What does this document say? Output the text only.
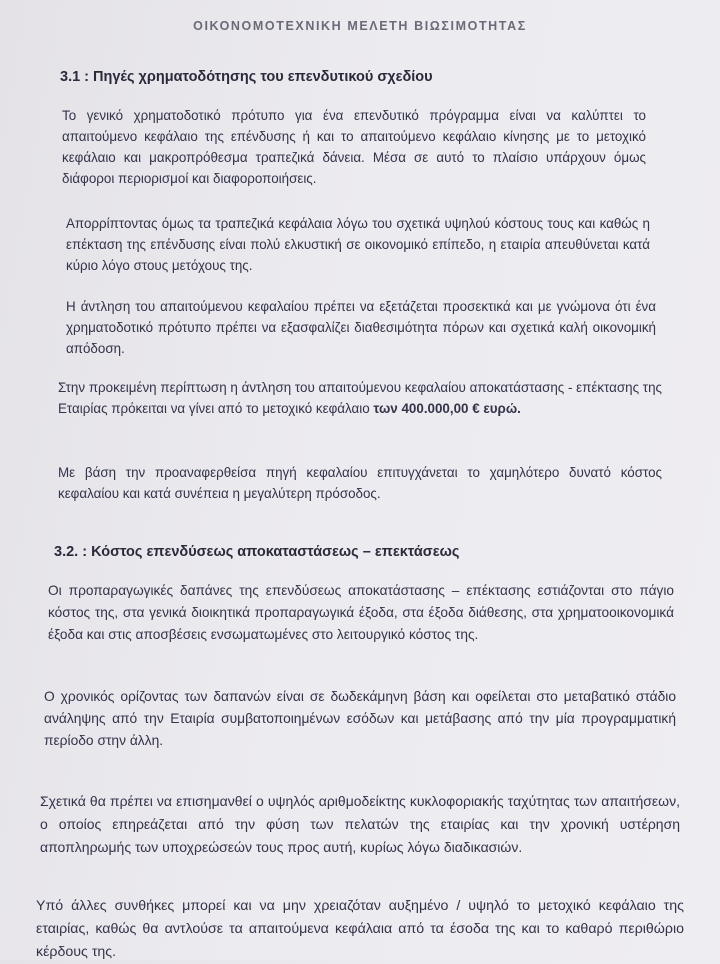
ΟΙΚΟΝΟΜΟΤΕΧΝΙΚΗ ΜΕΛΕΤΗ ΒΙΩΣΙΜΟΤΗΤΑΣ
3.1 : Πηγές χρηματοδότησης του επενδυτικού σχεδίου
Το γενικό χρηματοδοτικό πρότυπο για ένα επενδυτικό πρόγραμμα είναι να καλύπτει το απαιτούμενο κεφάλαιο της επένδυσης ή και το απαιτούμενο κεφάλαιο κίνησης με το μετοχικό κεφάλαιο και μακροπρόθεσμα τραπεζικά δάνεια. Μέσα σε αυτό το πλαίσιο υπάρχουν όμως διάφοροι περιορισμοί και διαφοροποιήσεις.
Απορρίπτοντας όμως τα τραπεζικά κεφάλαια λόγω του σχετικά υψηλού κόστους τους και καθώς η επέκταση της επένδυσης είναι πολύ ελκυστική σε οικονομικό επίπεδο, η εταιρία απευθύνεται κατά κύριο λόγο στους μετόχους της.
Η άντληση του απαιτούμενου κεφαλαίου πρέπει να εξετάζεται προσεκτικά και με γνώμονα ότι ένα χρηματοδοτικό πρότυπο πρέπει να εξασφαλίζει διαθεσιμότητα πόρων και σχετικά καλή οικονομική απόδοση.
Στην προκειμένη περίπτωση η άντληση του απαιτούμενου κεφαλαίου αποκατάστασης - επέκτασης της Εταιρίας πρόκειται να γίνει από το μετοχικό κεφάλαιο των 400.000,00 € ευρώ.
Με βάση την προαναφερθείσα πηγή κεφαλαίου επιτυγχάνεται το χαμηλότερο δυνατό κόστος κεφαλαίου και κατά συνέπεια η μεγαλύτερη πρόσοδος.
3.2. : Κόστος επενδύσεως αποκαταστάσεως – επεκτάσεως
Οι προπαραγωγικές δαπάνες της επενδύσεως αποκατάστασης – επέκτασης εστιάζονται στο πάγιο κόστος της, στα γενικά διοικητικά προπαραγωγικά έξοδα, στα έξοδα διάθεσης, στα χρηματοοικονομικά έξοδα και στις αποσβέσεις ενσωματωμένες στο λειτουργικό κόστος της.
Ο χρονικός ορίζοντας των δαπανών είναι σε δωδεκάμηνη βάση και οφείλεται στο μεταβατικό στάδιο ανάληψης από την Εταιρία συμβατοποιημένων εσόδων και μετάβασης από την μία προγραμματική περίοδο στην άλλη.
Σχετικά θα πρέπει να επισημανθεί ο υψηλός αριθμοδείκτης κυκλοφοριακής ταχύτητας των απαιτήσεων, ο οποίος επηρεάζεται από την φύση των πελατών της εταιρίας και την χρονική υστέρηση αποπληρωμής των υποχρεώσεών τους προς αυτή, κυρίως λόγω διαδικασιών.
Υπό άλλες συνθήκες μπορεί και να μην χρειαζόταν αυξημένο / υψηλό το μετοχικό κεφάλαιο της εταιρίας, καθώς θα αντλούσε τα απαιτούμενα κεφάλαια από τα έσοδα της και το καθαρό περιθώριο κέρδους της.
